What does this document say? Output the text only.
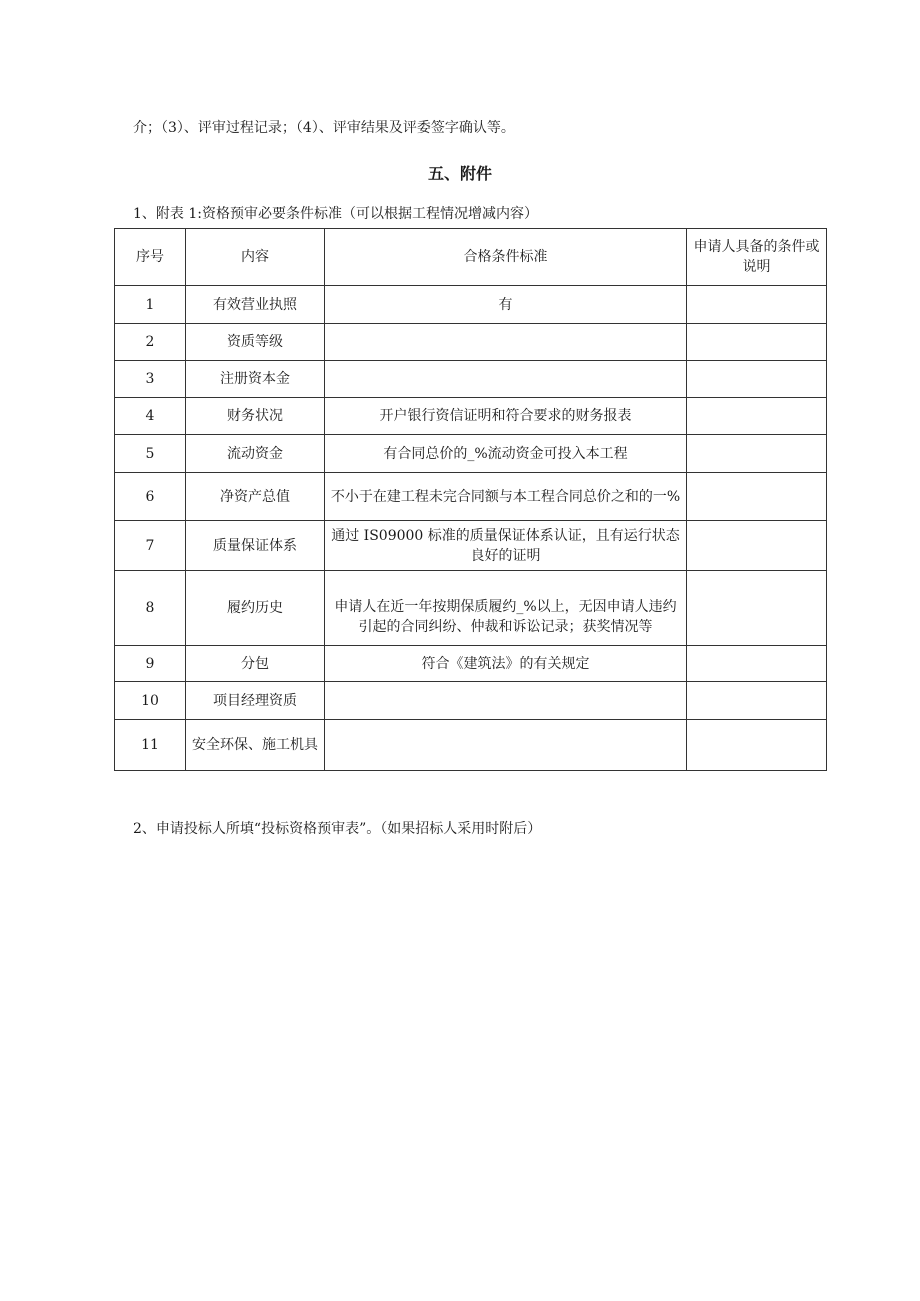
介；（3）、评审过程记录；（4）、评审结果及评委签字确认等。
五、附件
1、附表 1:资格预审必要条件标准（可以根据工程情况增减内容）
序号	内容	合格条件标准	申请人具备的条件或说明
1	有效营业执照	有	
2	资质等级		
3	注册资本金		
4	财务状况	开户银行资信证明和符合要求的财务报表	
5	流动资金	有合同总价的_%流动资金可投入本工程	
6	净资产总值	不小于在建工程未完合同额与本工程合同总价之和的一%	
7	质量保证体系	通过 IS09000 标准的质量保证体系认证，且有运行状态良好的证明	
8	履约历史	申请人在近一年按期保质履约_%以上，无因申请人违约引起的合同纠纷、仲裁和诉讼记录；获奖情况等	
9	分包	符合《建筑法》的有关规定	
10	项目经理资质		
11	安全环保、施工机具		
2、申请投标人所填“投标资格预审表”。（如果招标人采用时附后）
